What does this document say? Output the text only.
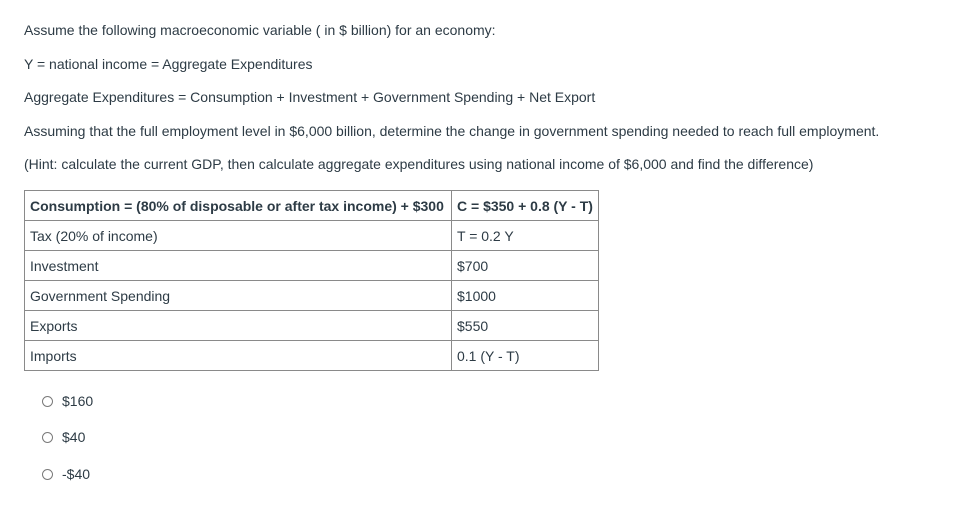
Assume the following macroeconomic variable ( in $ billion) for an economy:

Y = national income = Aggregate Expenditures

Aggregate Expenditures = Consumption + Investment + Government Spending + Net Export

Assuming that the full employment level in $6,000 billion, determine the change in government spending needed to reach full employment.

(Hint: calculate the current GDP, then calculate aggregate expenditures using national income of $6,000 and find the difference)

Consumption = (80% of disposable or after tax income) + $300	C = $350 + 0.8 (Y - T)
Tax (20% of income)	T = 0.2 Y
Investment	$700
Government Spending	$1000
Exports	$550
Imports	0.1 (Y - T)
$160
$40
-$40
